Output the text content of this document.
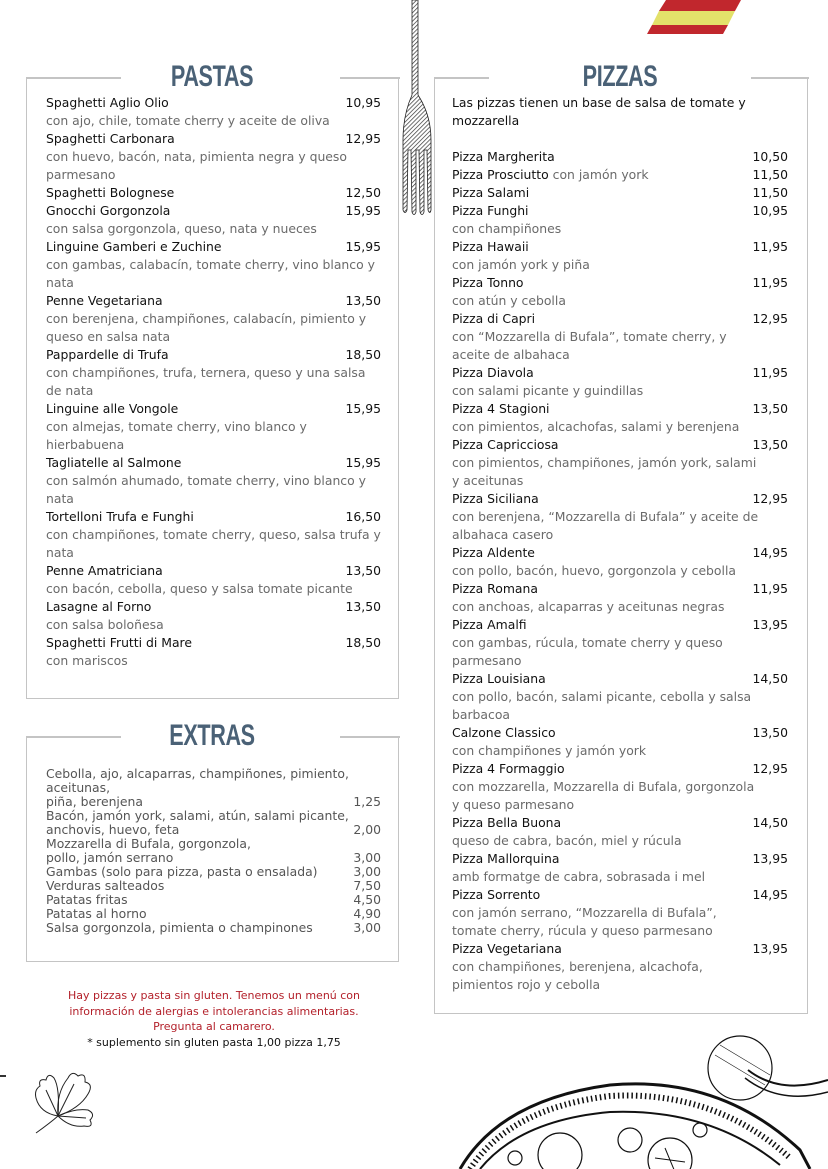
PASTAS
Spaghetti Aglio Olio	10,95
con ajo, chile, tomate cherry y aceite de oliva
Spaghetti Carbonara	12,95
con huevo, bacón, nata, pimienta negra y queso parmesano
Spaghetti Bolognese	12,50
Gnocchi Gorgonzola	15,95
con salsa gorgonzola, queso, nata y nueces
Linguine Gamberi e Zuchine	15,95
con gambas, calabacín, tomate cherry, vino blanco y nata
Penne Vegetariana	13,50
con berenjena, champiñones, calabacín, pimiento y queso en salsa nata
Pappardelle di Trufa	18,50
con champiñones, trufa, ternera, queso y una salsa de nata
Linguine alle Vongole	15,95
con almejas, tomate cherry, vino blanco y hierbabuena
Tagliatelle al Salmone	15,95
con salmón ahumado, tomate cherry, vino blanco y nata
Tortelloni Trufa e Funghi	16,50
con champiñones, tomate cherry, queso, salsa trufa y nata
Penne Amatriciana	13,50
con bacón, cebolla, queso y salsa tomate picante
Lasagne al Forno	13,50
con salsa boloñesa
Spaghetti Frutti di Mare	18,50
con mariscos
EXTRAS
Cebolla, ajo, alcaparras, champiñones, pimiento,
aceitunas,
piña, berenjena	1,25
Bacón, jamón york, salami, atún, salami picante,
anchovis, huevo, feta	2,00
Mozzarella di Bufala, gorgonzola,
pollo, jamón serrano	3,00
Gambas (solo para pizza, pasta o ensalada)	3,00
Verduras salteados	7,50
Patatas fritas	4,50
Patatas al horno	4,90
Salsa gorgonzola, pimienta o champinones	3,00
Hay pizzas y pasta sin gluten. Tenemos un menú con
información de alergias e intolerancias alimentarias.
Pregunta al camarero.
* suplemento sin gluten pasta 1,00 pizza 1,75
PIZZAS
Las pizzas tienen un base de salsa de tomate y mozzarella
Pizza Margherita	10,50
Pizza Prosciutto con jamón york	11,50
Pizza Salami	11,50
Pizza Funghi	10,95
con champiñones
Pizza Hawaii	11,95
con jamón york y piña
Pizza Tonno	11,95
con atún y cebolla
Pizza di Capri	12,95
con “Mozzarella di Bufala”, tomate cherry, y aceite de albahaca
Pizza Diavola	11,95
con salami picante y guindillas
Pizza 4 Stagioni	13,50
con pimientos, alcachofas, salami y berenjena
Pizza Capricciosa	13,50
con pimientos, champiñones, jamón york, salami y aceitunas
Pizza Siciliana	12,95
con berenjena, “Mozzarella di Bufala” y aceite de albahaca casero
Pizza Aldente	14,95
con pollo, bacón, huevo, gorgonzola y cebolla
Pizza Romana	11,95
con anchoas, alcaparras y aceitunas negras
Pizza Amalfi	13,95
con gambas, rúcula, tomate cherry y queso parmesano
Pizza Louisiana	14,50
con pollo, bacón, salami picante, cebolla y salsa barbacoa
Calzone Classico	13,50
con champiñones y jamón york
Pizza 4 Formaggio	12,95
con mozzarella, Mozzarella di Bufala, gorgonzola y queso parmesano
Pizza Bella Buona	14,50
queso de cabra, bacón, miel y rúcula
Pizza Mallorquina	13,95
amb formatge de cabra, sobrasada i mel
Pizza Sorrento	14,95
con jamón serrano, “Mozzarella di Bufala”, tomate cherry, rúcula y queso parmesano
Pizza Vegetariana	13,95
con champiñones, berenjena, alcachofa, pimientos rojo y cebolla
